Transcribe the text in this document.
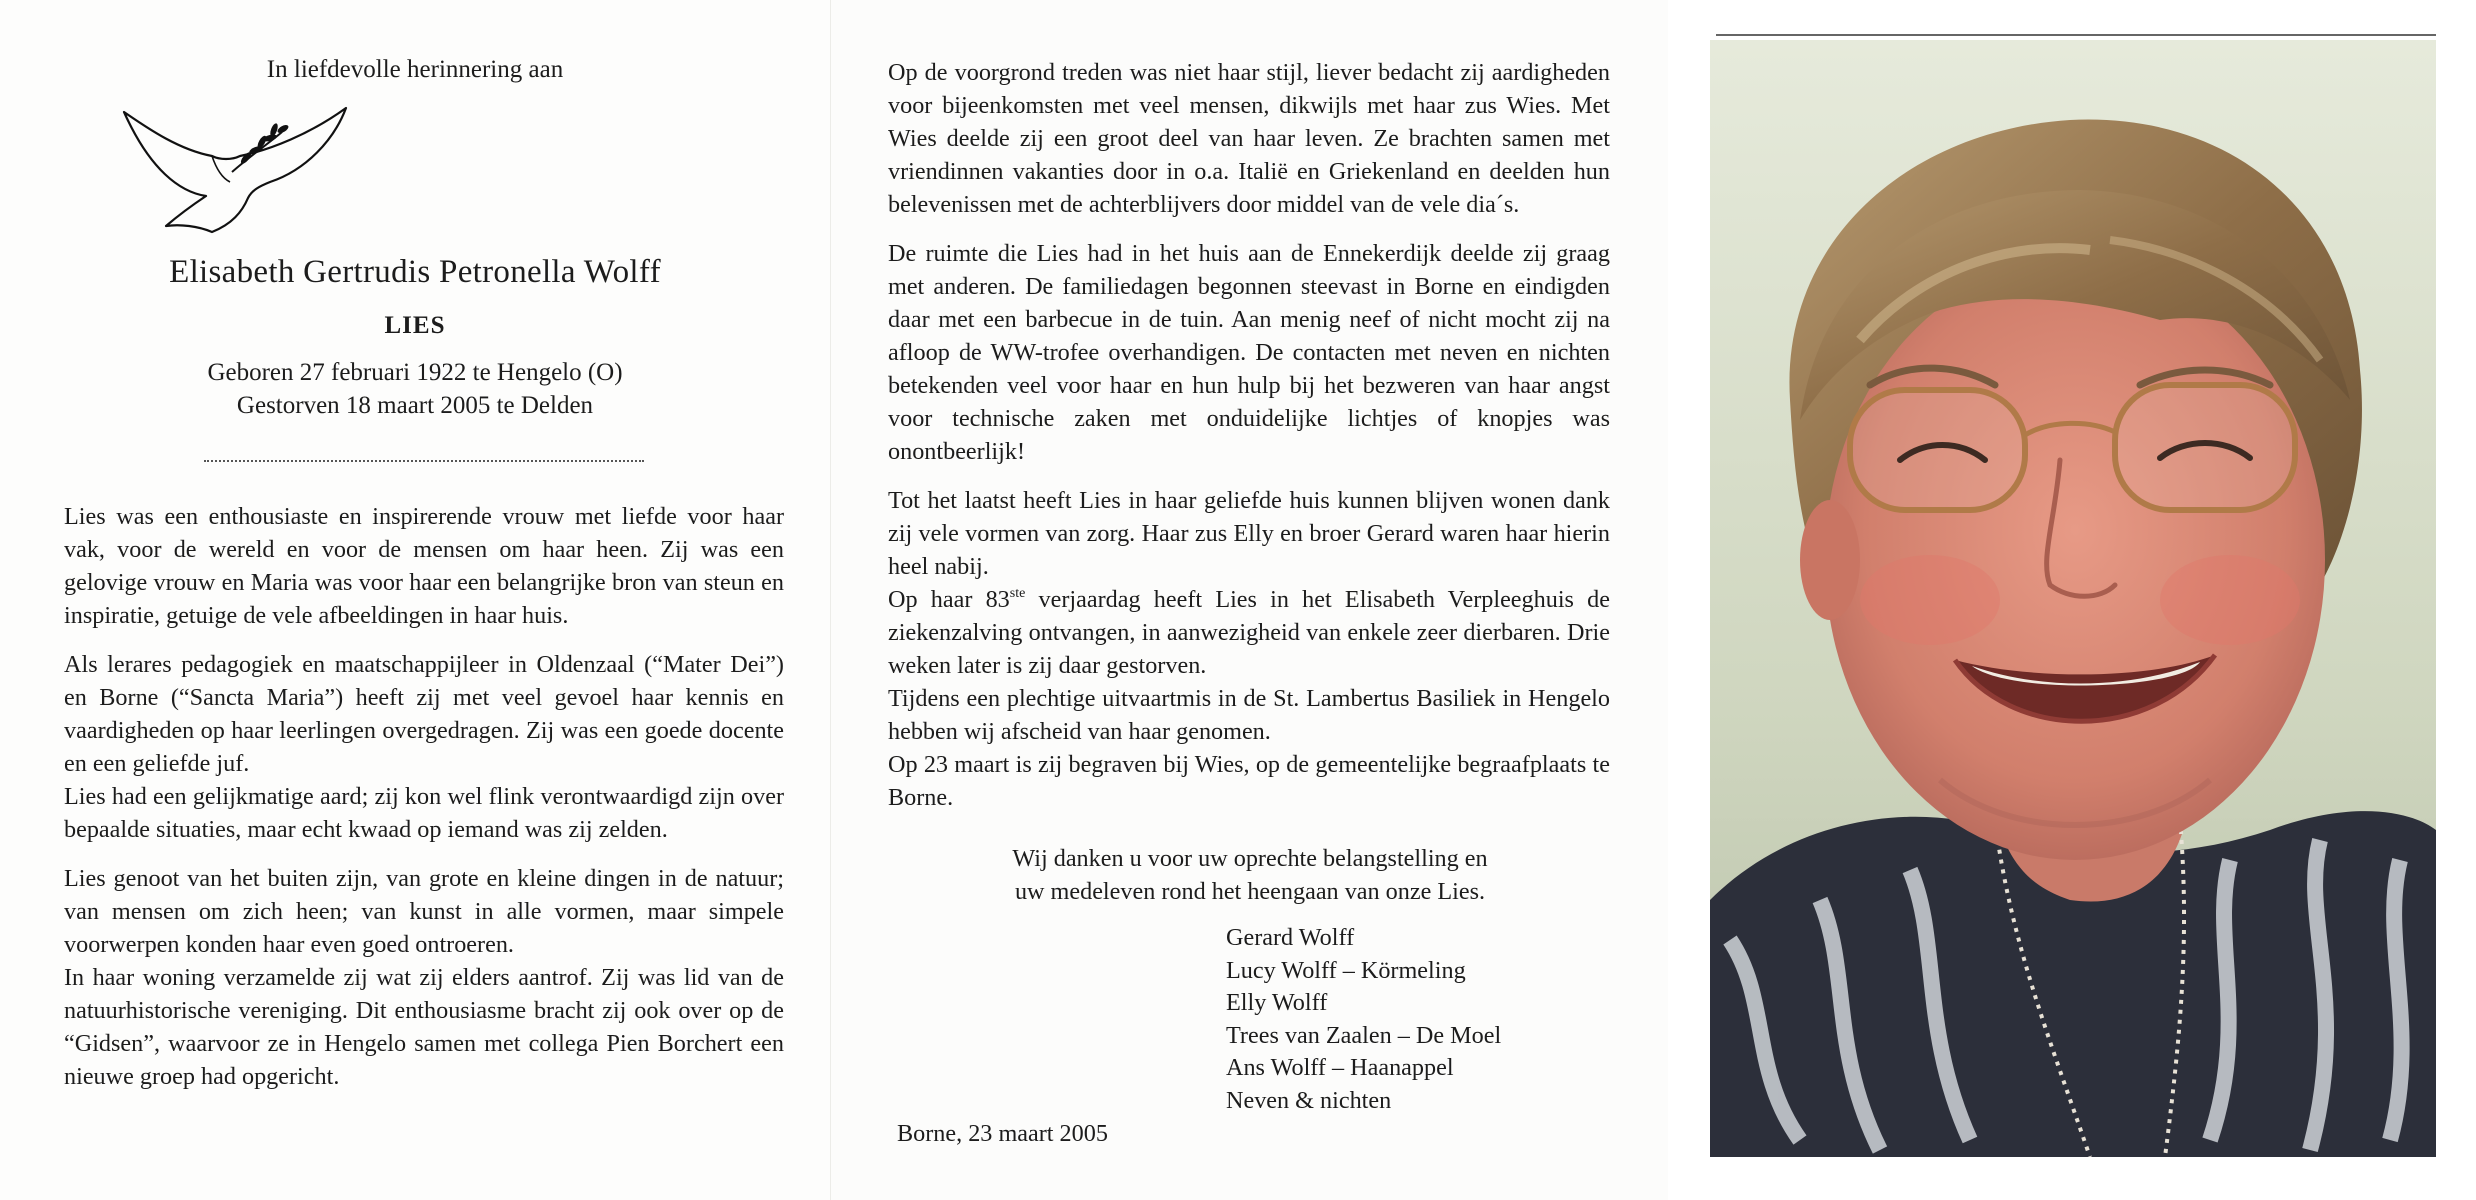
In liefdevolle herinnering aan
Elisabeth Gertrudis Petronella Wolff
LIES
Geboren 27 februari 1922 te Hengelo (O)
Gestorven 18 maart 2005 te Delden

Lies was een enthousiaste en inspirerende vrouw met liefde voor haar vak, voor de wereld en voor de mensen om haar heen. Zij was een gelovige vrouw en Maria was voor haar een belangrijke bron van steun en inspiratie, getuige de vele afbeeldingen in haar huis.

Als lerares pedagogiek en maatschappijleer in Oldenzaal (“Mater Dei”) en Borne (“Sancta Maria”) heeft zij met veel gevoel haar kennis en vaardigheden op haar leerlingen overgedragen. Zij was een goede docente en een geliefde juf.

Lies had een gelijkmatige aard; zij kon wel flink verontwaardigd zijn over bepaalde situaties, maar echt kwaad op iemand was zij zelden.

Lies genoot van het buiten zijn, van grote en kleine dingen in de natuur; van mensen om zich heen; van kunst in alle vormen, maar simpele voorwerpen konden haar even goed ontroeren.

In haar woning verzamelde zij wat zij elders aantrof. Zij was lid van de natuurhistorische vereniging. Dit enthousiasme bracht zij ook over op de “Gidsen”, waarvoor ze in Hengelo samen met collega Pien Borchert een nieuwe groep had opgericht.

Op de voorgrond treden was niet haar stijl, liever bedacht zij aardigheden voor bijeenkomsten met veel mensen, dikwijls met haar zus Wies. Met Wies deelde zij een groot deel van haar leven. Ze brachten samen met vriendinnen vakanties door in o.a. Italië en Griekenland en deelden hun belevenissen met de achterblijvers door middel van de vele dia´s.

De ruimte die Lies had in het huis aan de Ennekerdijk deelde zij graag met anderen. De familiedagen begonnen steevast in Borne en eindigden daar met een barbecue in de tuin. Aan menig neef of nicht mocht zij na afloop de WW-trofee overhandigen. De contacten met neven en nichten betekenden veel voor haar en hun hulp bij het bezweren van haar angst voor technische zaken met onduidelijke lichtjes of knopjes was onontbeerlijk!

Tot het laatst heeft Lies in haar geliefde huis kunnen blijven wonen dank zij vele vormen van zorg. Haar zus Elly en broer Gerard waren haar hierin heel nabij.

Op haar 83ste verjaardag heeft Lies in het Elisabeth Verpleeghuis de ziekenzalving ontvangen, in aanwezigheid van enkele zeer dierbaren. Drie weken later is zij daar gestorven.

Tijdens een plechtige uitvaartmis in de St. Lambertus Basiliek in Hengelo hebben wij afscheid van haar genomen.

Op 23 maart is zij begraven bij Wies, op de gemeentelijke begraafplaats te Borne.

Wij danken u voor uw oprechte belangstelling en
uw medeleven rond het heengaan van onze Lies.
Gerard Wolff
Lucy Wolff – Körmeling
Elly Wolff
Trees van Zaalen – De Moel
Ans Wolff – Haanappel
Neven & nichten
Borne, 23 maart 2005
